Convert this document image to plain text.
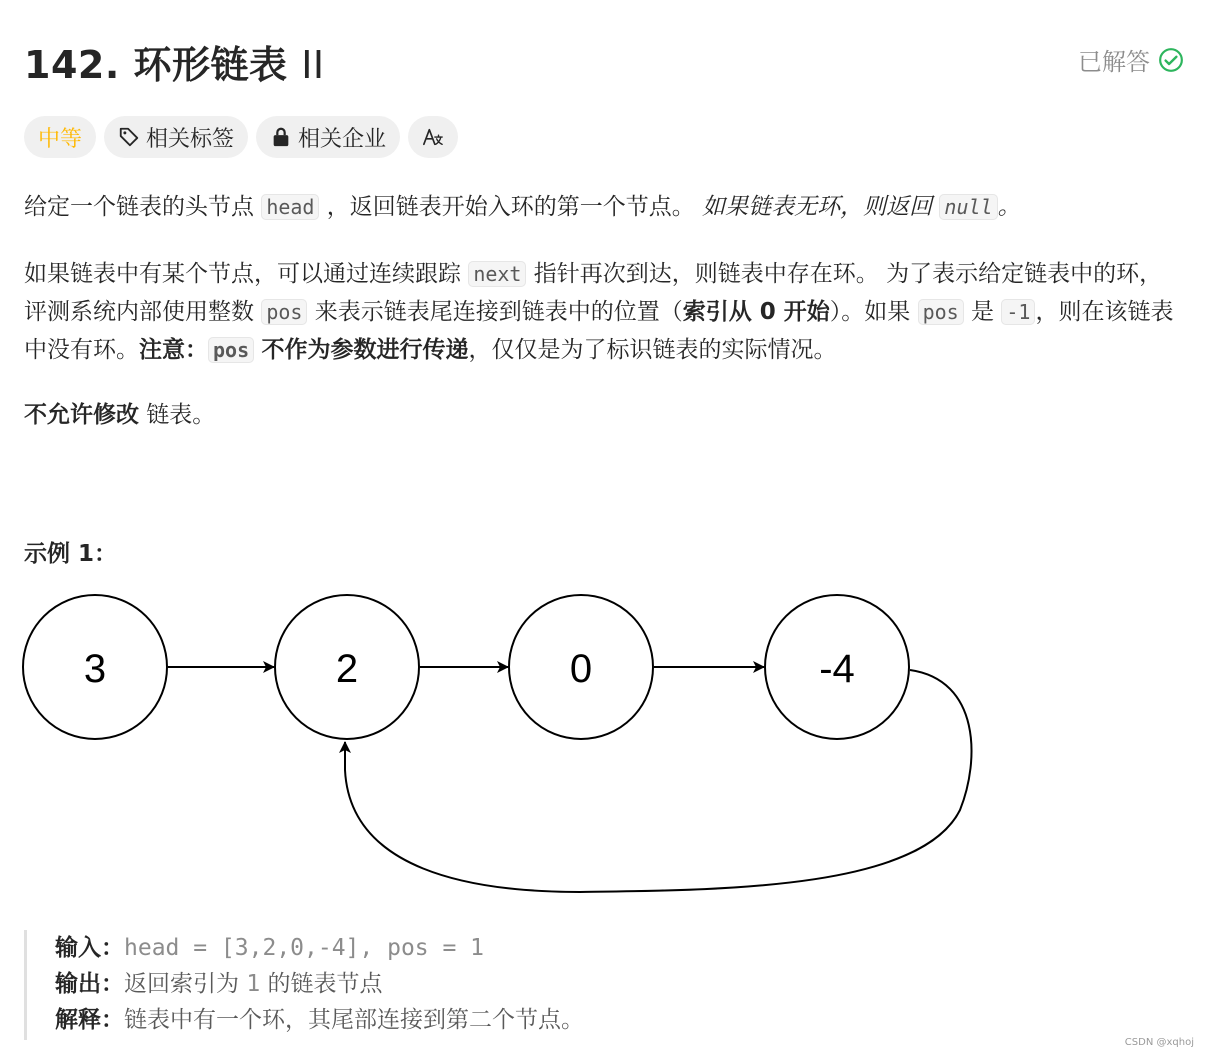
142. 环形链表 II	已解答
中等	相关标签	相关企业
给定一个链表的头节点 head ，返回链表开始入环的第一个节点。 如果链表无环，则返回 null 。
如果链表中有某个节点，可以通过连续跟踪 next 指针再次到达，则链表中存在环。 为了表示给定链表中的环，评测系统内部使用整数 pos 来表示链表尾连接到链表中的位置（索引从 0 开始）。如果 pos 是 -1 ，则在该链表中没有环。注意： pos 不作为参数进行传递，仅仅是为了标识链表的实际情况。
不允许修改 链表。
示例 1：
3	2	0	-4
输入：head = [3,2,0,-4], pos = 1
输出：返回索引为 1 的链表节点
解释：链表中有一个环，其尾部连接到第二个节点。
CSDN @xqhoj
